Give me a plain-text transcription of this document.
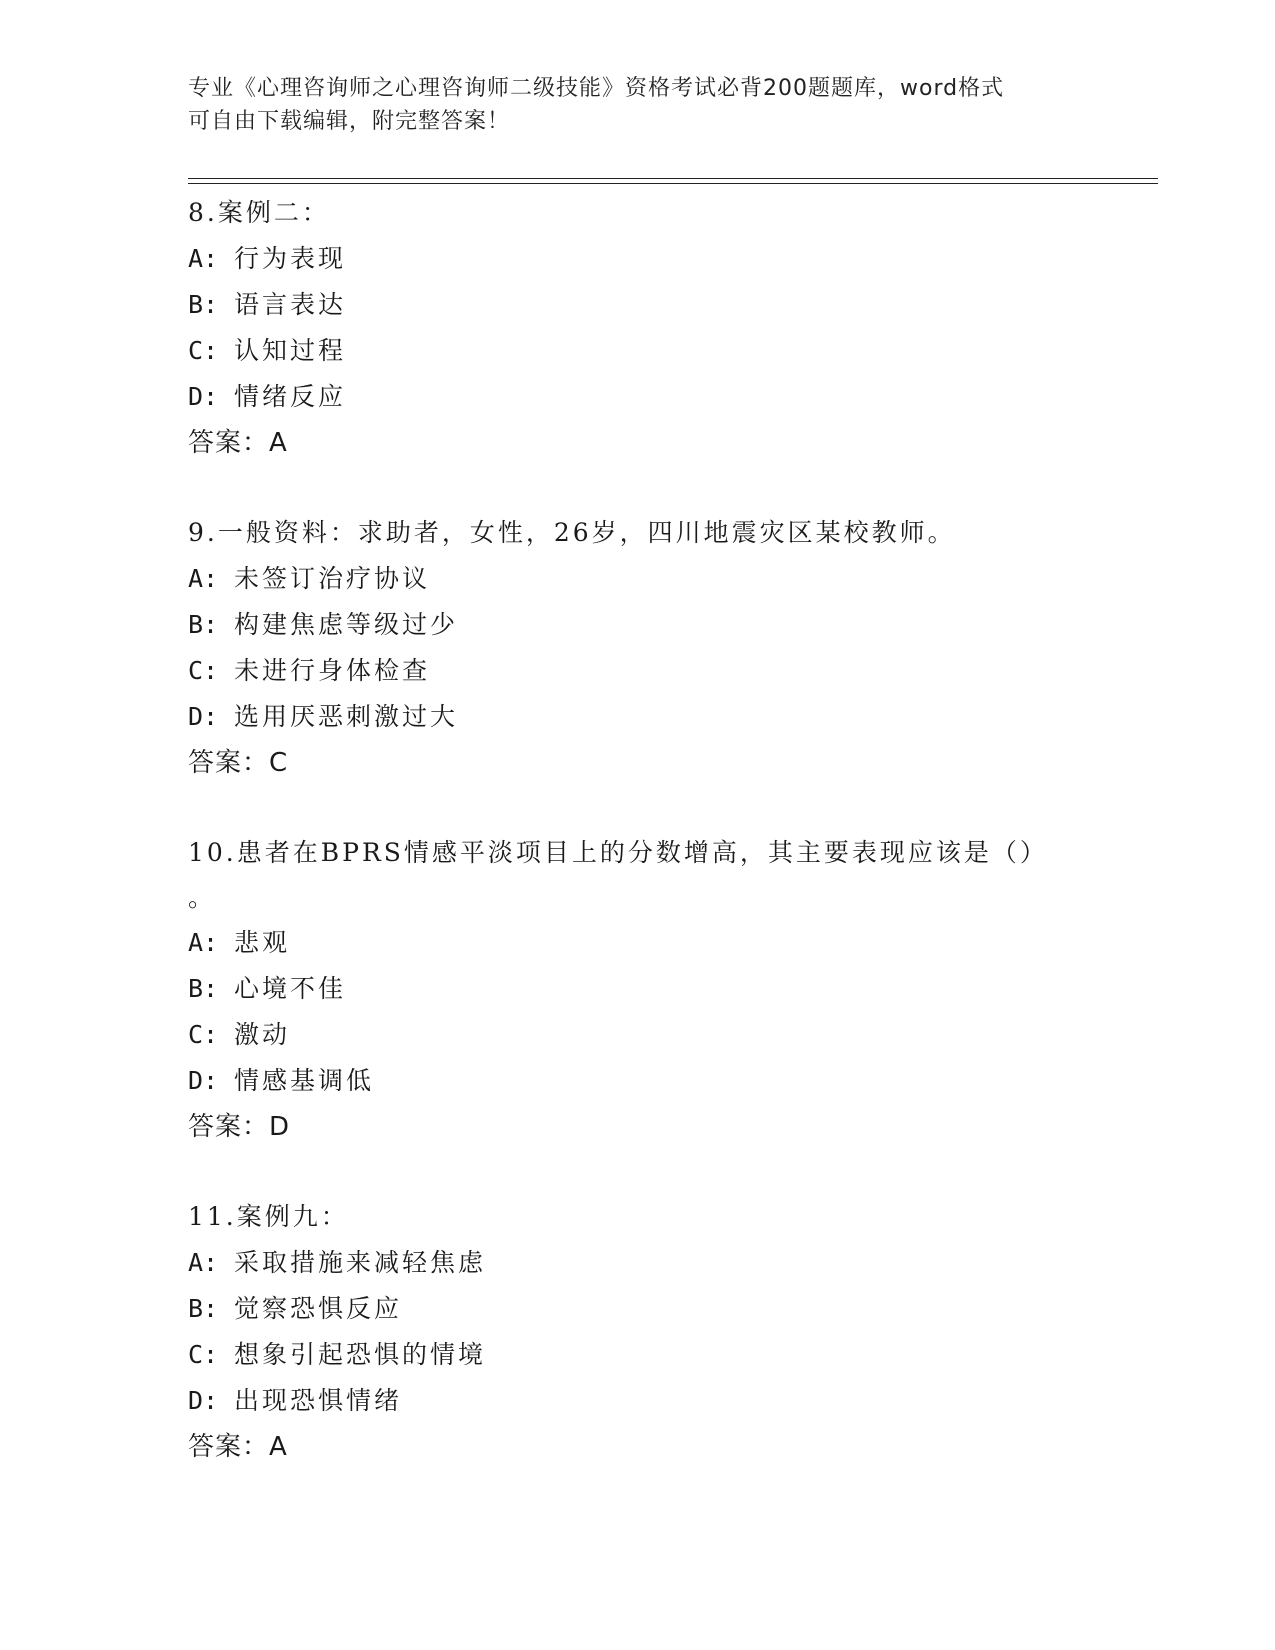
专业《心理咨询师之心理咨询师二级技能》资格考试必背200题题库，word格式
可自由下载编辑，附完整答案！
8.案例二：
A: 行为表现
B: 语言表达
C: 认知过程
D: 情绪反应
答案：A
9.一般资料：求助者，女性，26岁，四川地震灾区某校教师。
A: 未签订治疗协议
B: 构建焦虑等级过少
C: 未进行身体检查
D: 选用厌恶刺激过大
答案：C
10.患者在BPRS情感平淡项目上的分数增高，其主要表现应该是（）
。
A: 悲观
B: 心境不佳
C: 激动
D: 情感基调低
答案：D
11.案例九：
A: 采取措施来减轻焦虑
B: 觉察恐惧反应
C: 想象引起恐惧的情境
D: 出现恐惧情绪
答案：A
